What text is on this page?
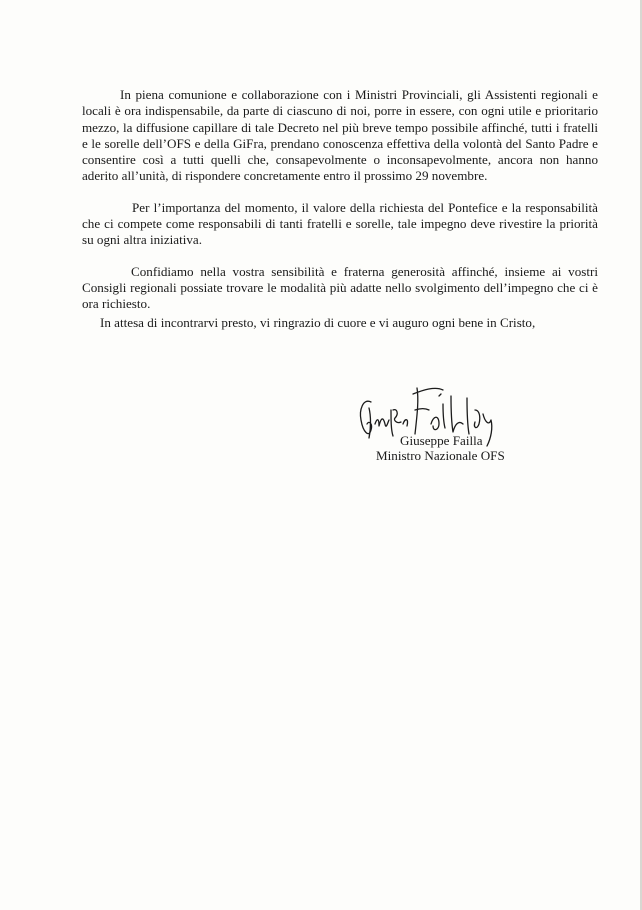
In piena comunione e collaborazione con i Ministri Provinciali, gli Assistenti regionali e locali è ora indispensabile, da parte di ciascuno di noi, porre in essere, con ogni utile e prioritario mezzo, la diffusione capillare di tale Decreto nel più breve tempo possibile affinché, tutti i fratelli e le sorelle dell’OFS e della GiFra, prendano conoscenza effettiva della volontà del Santo Padre e consentire così a tutti quelli che, consapevolmente o inconsapevolmente, ancora non hanno aderito all’unità, di rispondere concretamente entro il prossimo 29 novembre.

Per l’importanza del momento, il valore della richiesta del Pontefice e la responsabilità che ci compete come responsabili di tanti fratelli e sorelle, tale impegno deve rivestire la priorità su ogni altra iniziativa.

Confidiamo nella vostra sensibilità e fraterna generosità affinché, insieme ai vostri Consigli regionali possiate trovare le modalità più adatte nello svolgimento dell’impegno che ci è ora richiesto.

In attesa di incontrarvi presto, vi ringrazio di cuore e vi auguro ogni bene in Cristo,
Giuseppe Failla
Ministro Nazionale OFS
